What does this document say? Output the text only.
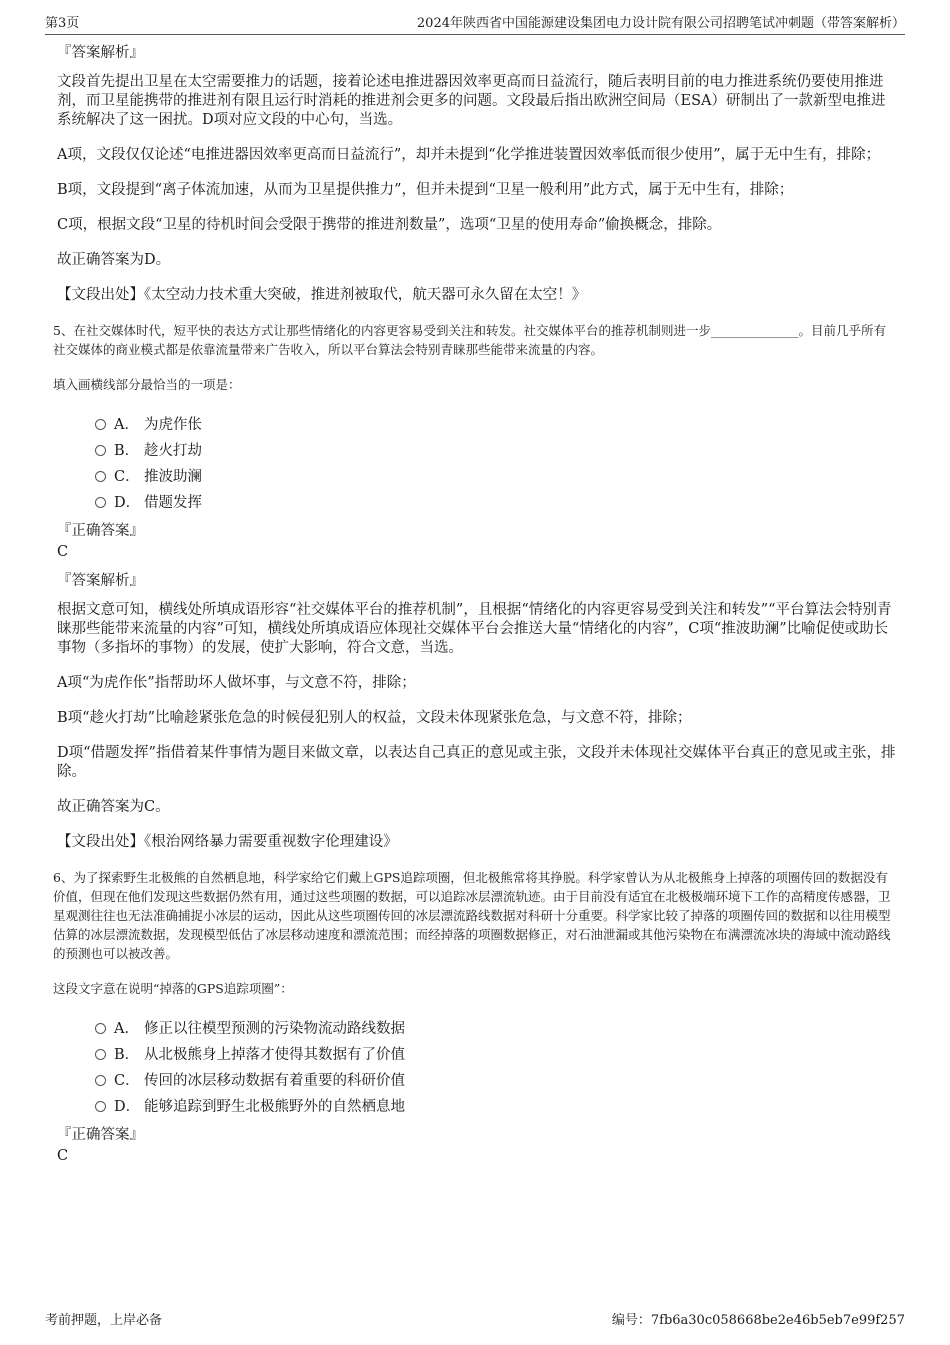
第3页	2024年陕西省中国能源建设集团电力设计院有限公司招聘笔试冲刺题（带答案解析）
『答案解析』

文段首先提出卫星在太空需要推力的话题，接着论述电推进器因效率更高而日益流行，随后表明目前的电力推进系统仍要使用推进剂，而卫星能携带的推进剂有限且运行时消耗的推进剂会更多的问题。文段最后指出欧洲空间局（ESA）研制出了一款新型电推进系统解决了这一困扰。D项对应文段的中心句，当选。

A项，文段仅仅论述“电推进器因效率更高而日益流行”，却并未提到“化学推进装置因效率低而很少使用”，属于无中生有，排除；

B项，文段提到“离子体流加速，从而为卫星提供推力”，但并未提到“卫星一般利用”此方式，属于无中生有，排除；

C项，根据文段“卫星的待机时间会受限于携带的推进剂数量”，选项“卫星的使用寿命”偷换概念，排除。

故正确答案为D。

【文段出处】《太空动力技术重大突破，推进剂被取代，航天器可永久留在太空！》

5、在社交媒体时代，短平快的表达方式让那些情绪化的内容更容易受到关注和转发。社交媒体平台的推荐机制则进一步______________。目前几乎所有社交媒体的商业模式都是依靠流量带来广告收入，所以平台算法会特别青睐那些能带来流量的内容。

填入画横线部分最恰当的一项是：

A． 为虎作伥
B． 趁火打劫
C． 推波助澜
D． 借题发挥
『正确答案』
C
『答案解析』

根据文意可知，横线处所填成语形容“社交媒体平台的推荐机制”，且根据“情绪化的内容更容易受到关注和转发”“平台算法会特别青睐那些能带来流量的内容”可知，横线处所填成语应体现社交媒体平台会推送大量“情绪化的内容”，C项“推波助澜”比喻促使或助长事物（多指坏的事物）的发展，使扩大影响，符合文意，当选。

A项“为虎作伥”指帮助坏人做坏事，与文意不符，排除；

B项“趁火打劫”比喻趁紧张危急的时候侵犯别人的权益，文段未体现紧张危急，与文意不符，排除；

D项“借题发挥”指借着某件事情为题目来做文章，以表达自己真正的意见或主张，文段并未体现社交媒体平台真正的意见或主张，排除。

故正确答案为C。

【文段出处】《根治网络暴力需要重视数字伦理建设》

6、为了探索野生北极熊的自然栖息地，科学家给它们戴上GPS追踪项圈，但北极熊常将其挣脱。科学家曾认为从北极熊身上掉落的项圈传回的数据没有价值，但现在他们发现这些数据仍然有用，通过这些项圈的数据，可以追踪冰层漂流轨迹。由于目前没有适宜在北极极端环境下工作的高精度传感器，卫星观测往往也无法准确捕捉小冰层的运动，因此从这些项圈传回的冰层漂流路线数据对科研十分重要。科学家比较了掉落的项圈传回的数据和以往用模型估算的冰层漂流数据，发现模型低估了冰层移动速度和漂流范围；而经掉落的项圈数据修正，对石油泄漏或其他污染物在布满漂流冰块的海域中流动路线的预测也可以被改善。

这段文字意在说明“掉落的GPS追踪项圈”：

A． 修正以往模型预测的污染物流动路线数据
B． 从北极熊身上掉落才使得其数据有了价值
C． 传回的冰层移动数据有着重要的科研价值
D． 能够追踪到野生北极熊野外的自然栖息地
『正确答案』
C
考前押题，上岸必备	编号：7fb6a30c058668be2e46b5eb7e99f257
